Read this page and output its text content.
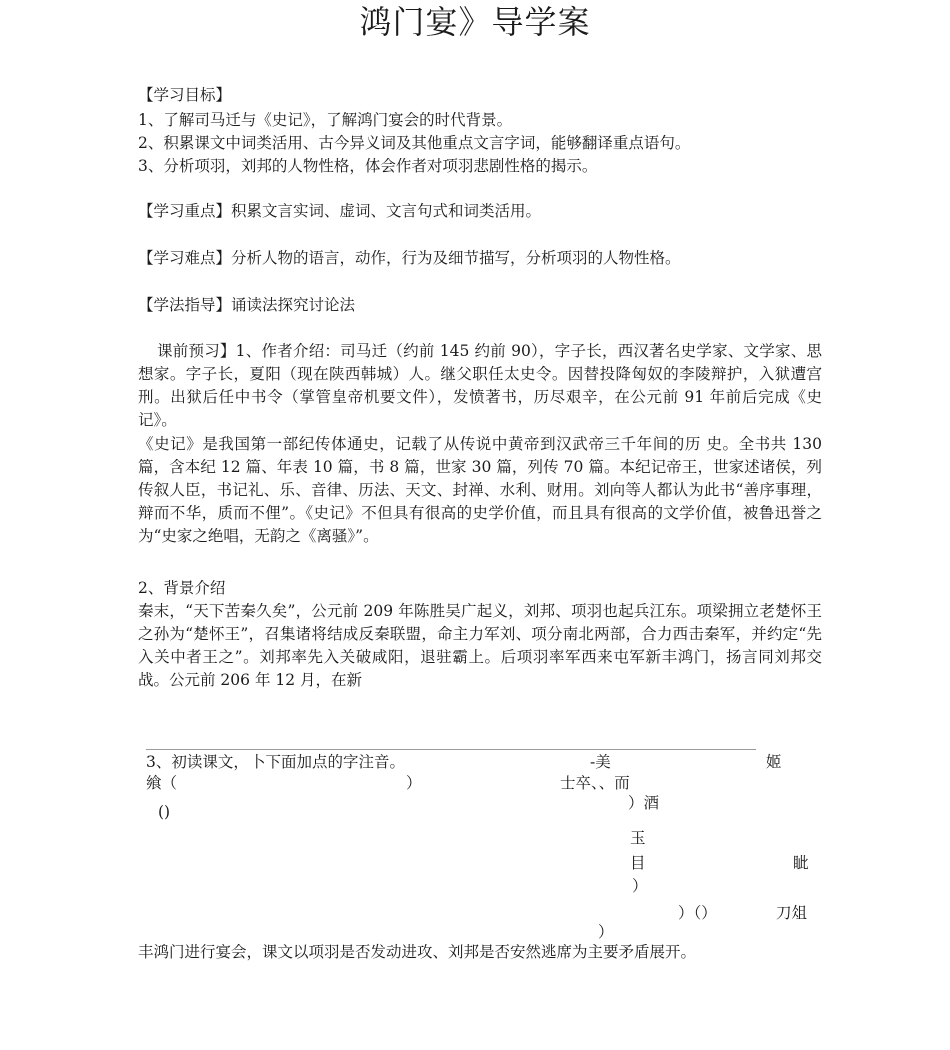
鸿门宴》导学案

【学习目标】

1、了解司马迁与《史记》，了解鸿门宴会的时代背景。

2、积累课文中词类活用、古今异义词及其他重点文言字词，能够翻译重点语句。

3、分析项羽，刘邦的人物性格，体会作者对项羽悲剧性格的揭示。

【学习重点】积累文言实词、虚词、文言句式和词类活用。
【学习难点】分析人物的语言，动作，行为及细节描写，分析项羽的人物性格。
【学法指导】诵读法探究讨论法
课前预习】1、作者介绍：司马迁（约前 145 约前 90），字子长，西汉著名史学家、文学家、思想家。字子长，夏阳（现在陕西韩城）人。继父职任太史令。因替投降匈奴的李陵辩护，入狱遭宫刑。出狱后任中书令（掌管皇帝机要文件），发愤著书，历尽艰辛，在公元前 91 年前后完成《史记》。
《史记》是我国第一部纪传体通史，记载了从传说中黄帝到汉武帝三千年间的历 史。全书共 130 篇，含本纪 12 篇、年表 10 篇，书 8 篇，世家 30 篇，列传 70 篇。本纪记帝王，世家述诸侯，列传叙人臣，书记礼、乐、音律、历法、天文、封禅、水利、财用。刘向等人都认为此书“善序事理，辩而不华，质而不俚”。《史记》不但具有很高的史学价值，而且具有很高的文学价值，被鲁迅誉之为“史家之绝唱，无韵之《离骚》”。
2、背景介绍
秦末，“天下苦秦久矣”，公元前 209 年陈胜吴广起义，刘邦、项羽也起兵江东。项梁拥立老楚怀王之孙为“楚怀王”，召集诸将结成反秦联盟，命主力军刘、项分南北两部，合力西击秦军，并约定“先入关中者王之”。刘邦率先入关破咸阳，退驻霸上。后项羽率军西来屯军新丰鸿门，扬言同刘邦交战。公元前 206 年 12 月，在新
3、初读课文， 卜下面加点的字注音。	-美	姬
飨（	）	士卒、、而
）酒
()
玉
目	眦
）
）（）	刀俎
）
丰鸿门进行宴会，课文以项羽是否发动进攻、刘邦是否安然逃席为主要矛盾展开。
